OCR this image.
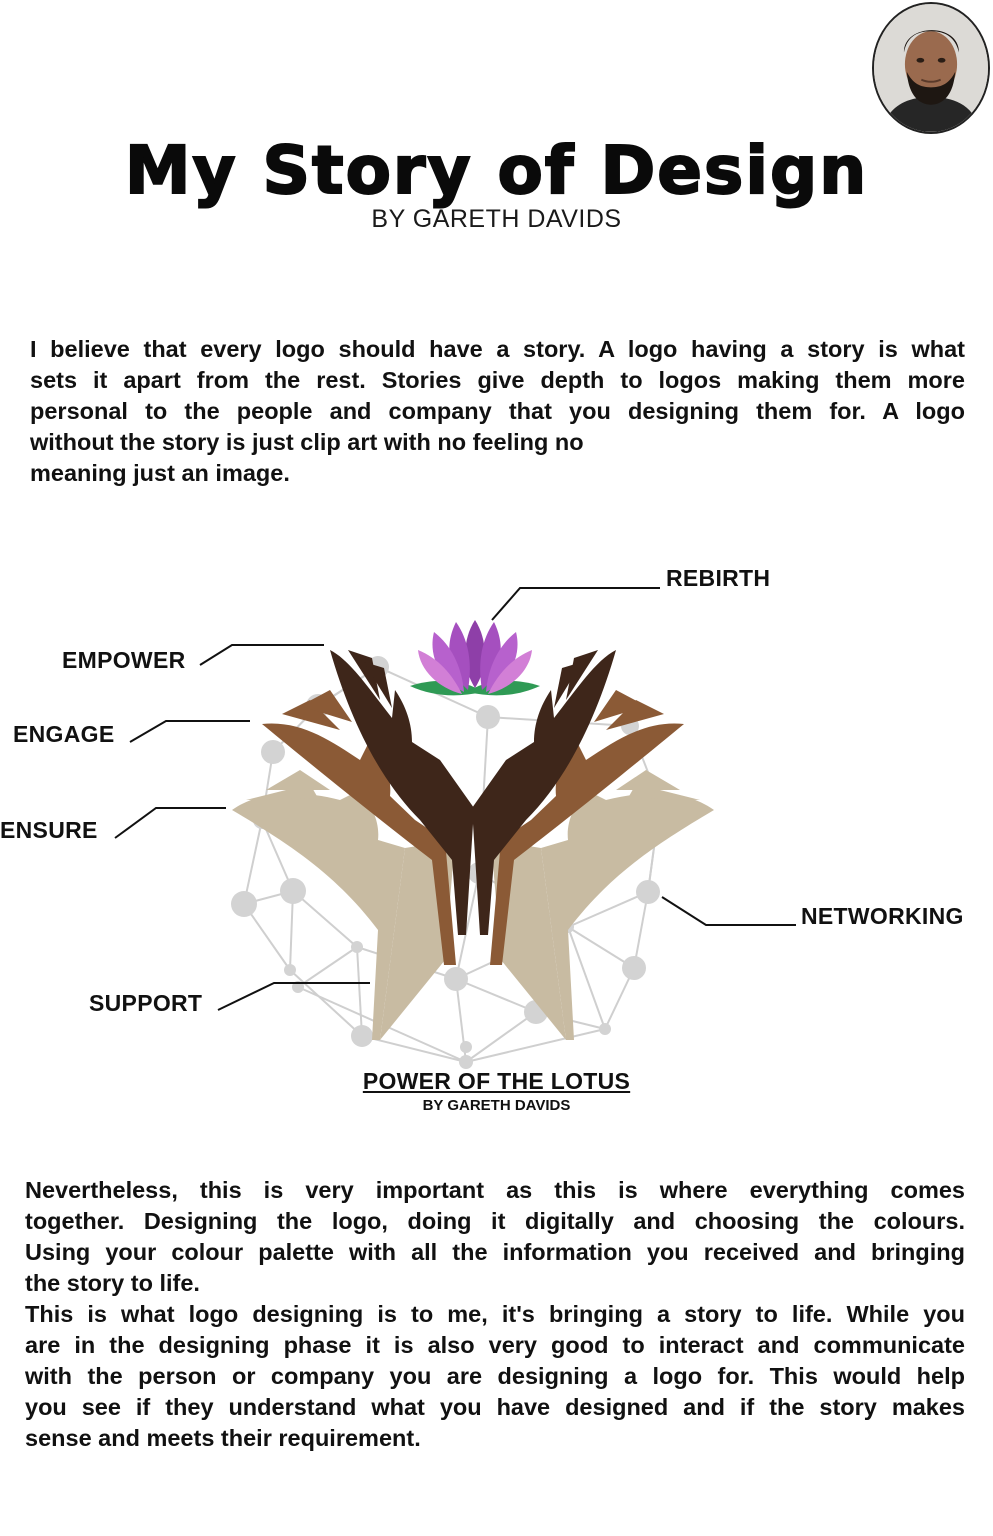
My Story of Design

BY GARETH DAVIDS

I believe that every logo should have a story. A logo having a story is what
sets it apart from the rest. Stories give depth to logos making them more
personal to the people and company that you designing them for. A logo
without the story is just clip art with no feeling no
meaning just an image.

REBIRTH

EMPOWER

ENGAGE

ENSURE

NETWORKING

SUPPORT

POWER OF THE LOTUS

BY GARETH DAVIDS

Nevertheless, this is very important as this is where everything comes
together. Designing the logo, doing it digitally and choosing the colours.
Using your colour palette with all the information you received and bringing
the story to life.
This is what logo designing is to me, it's bringing a story to life. While you
are in the designing phase it is also very good to interact and communicate
with the person or company you are designing a logo for. This would help
you see if they understand what you have designed and if the story makes
sense and meets their requirement.
